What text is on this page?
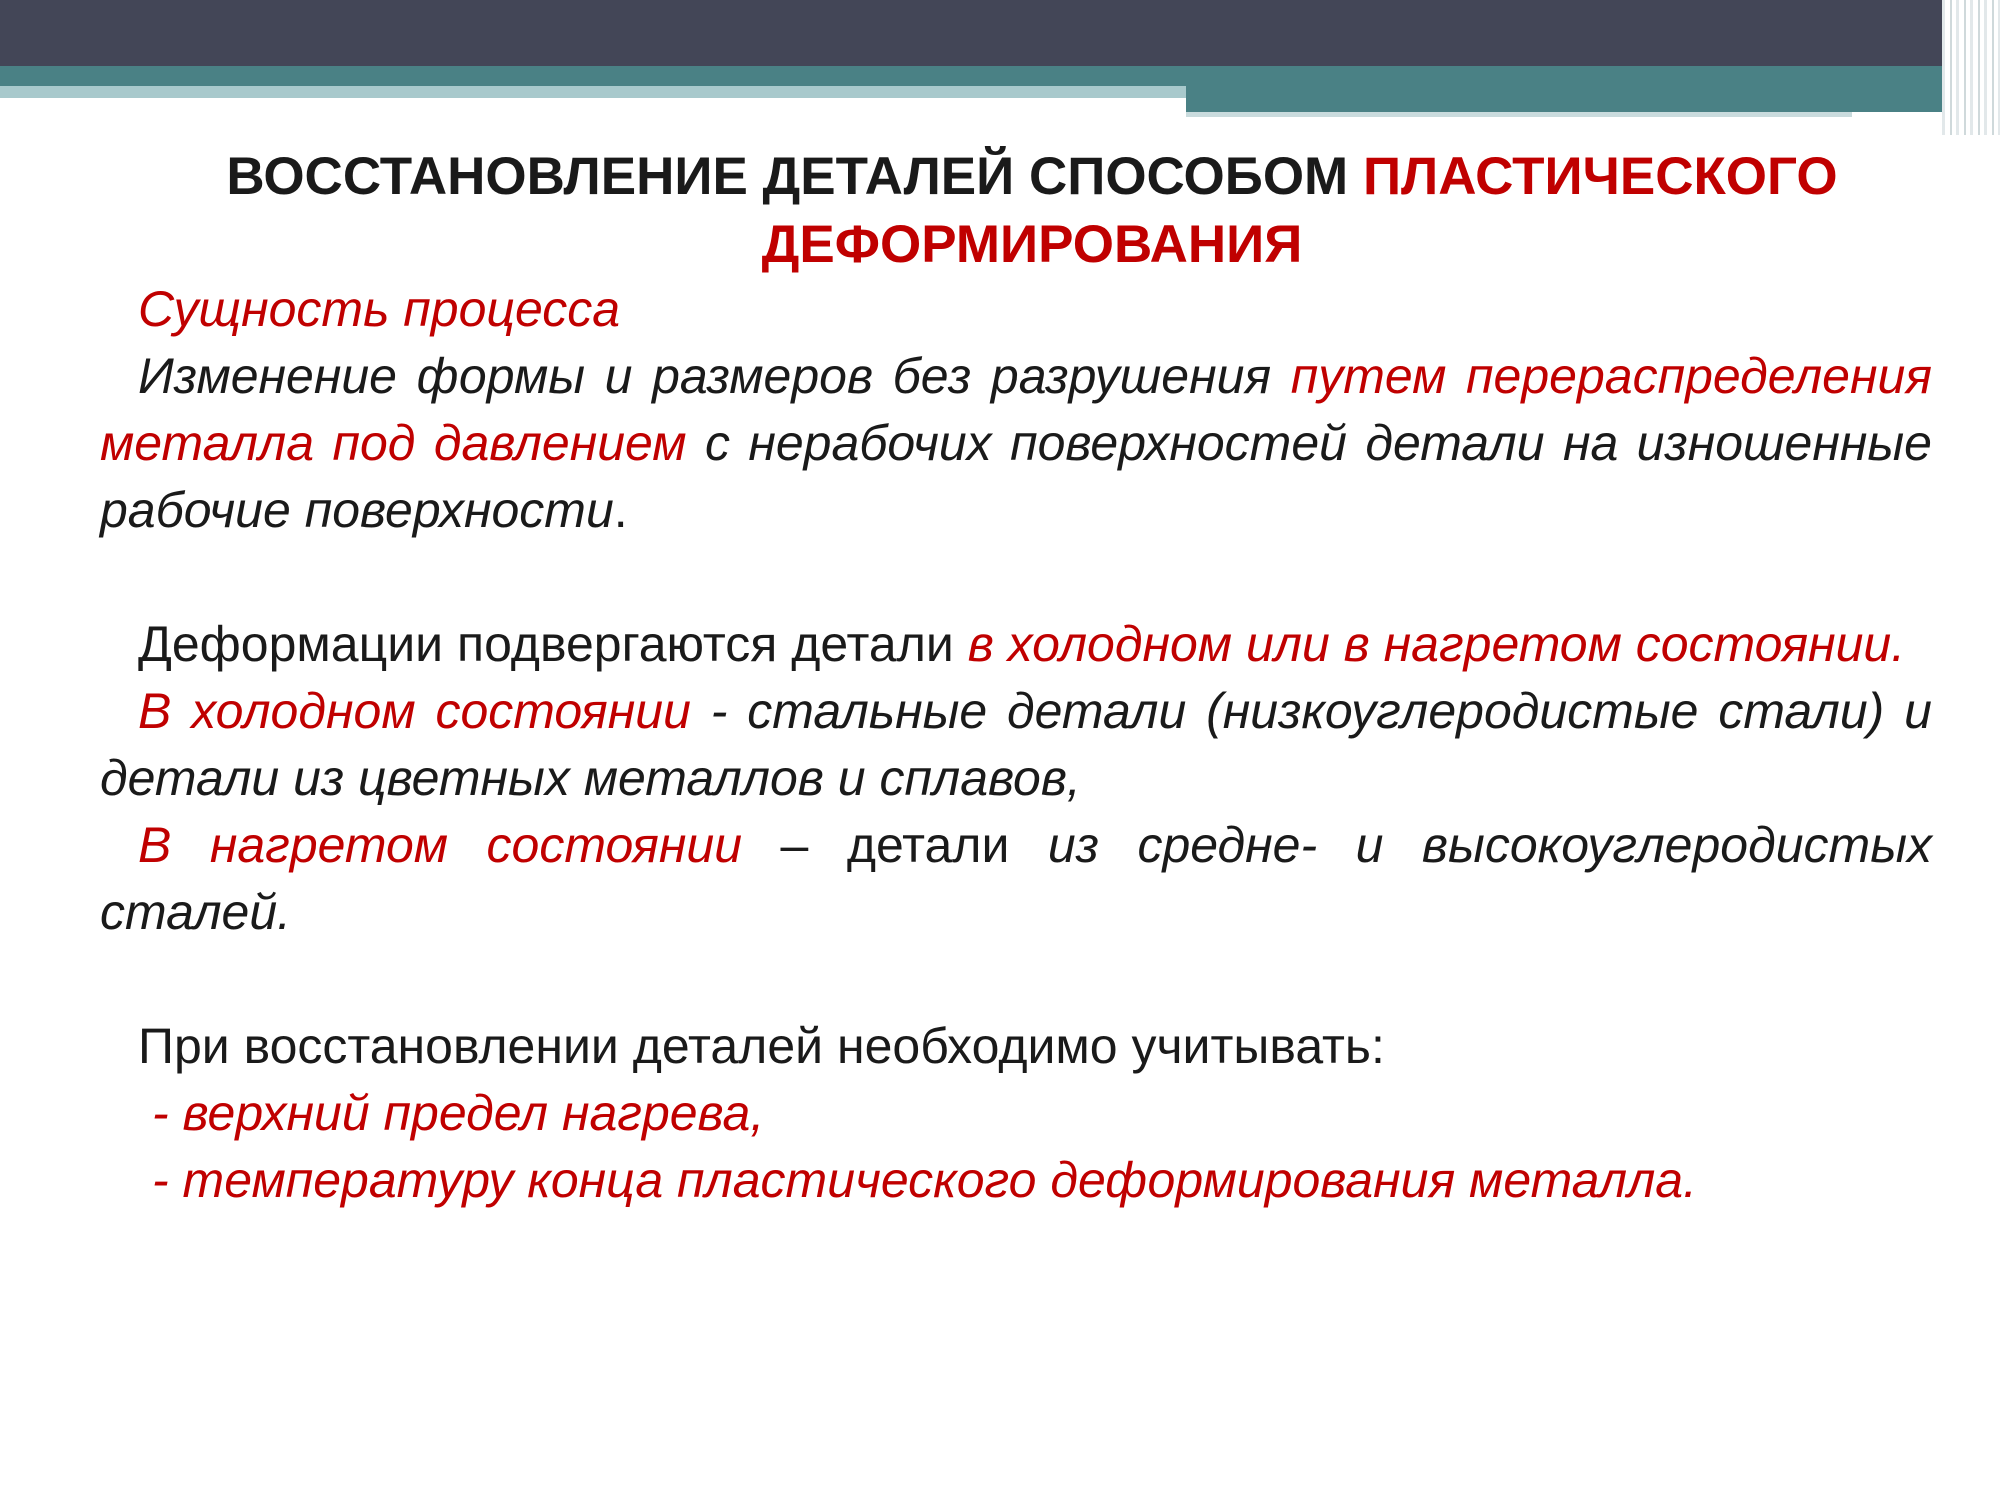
ВОССТАНОВЛЕНИЕ ДЕТАЛЕЙ СПОСОБОМ ПЛАСТИЧЕСКОГО ДЕФОРМИРОВАНИЯ

Сущность процесса

Изменение формы и размеров без разрушения путем перераспределения металла под давлением с нерабочих поверхностей детали на изношенные рабочие поверхности.

Деформации подвергаются детали в холодном или в нагретом состоянии.

В холодном состоянии - стальные детали (низкоуглеродистые стали) и детали из цветных металлов и сплавов,

В нагретом состоянии – детали из средне- и высокоуглеродистых сталей.

При восстановлении деталей необходимо учитывать:

- верхний предел нагрева,

- температуру конца пластического деформирования металла.
